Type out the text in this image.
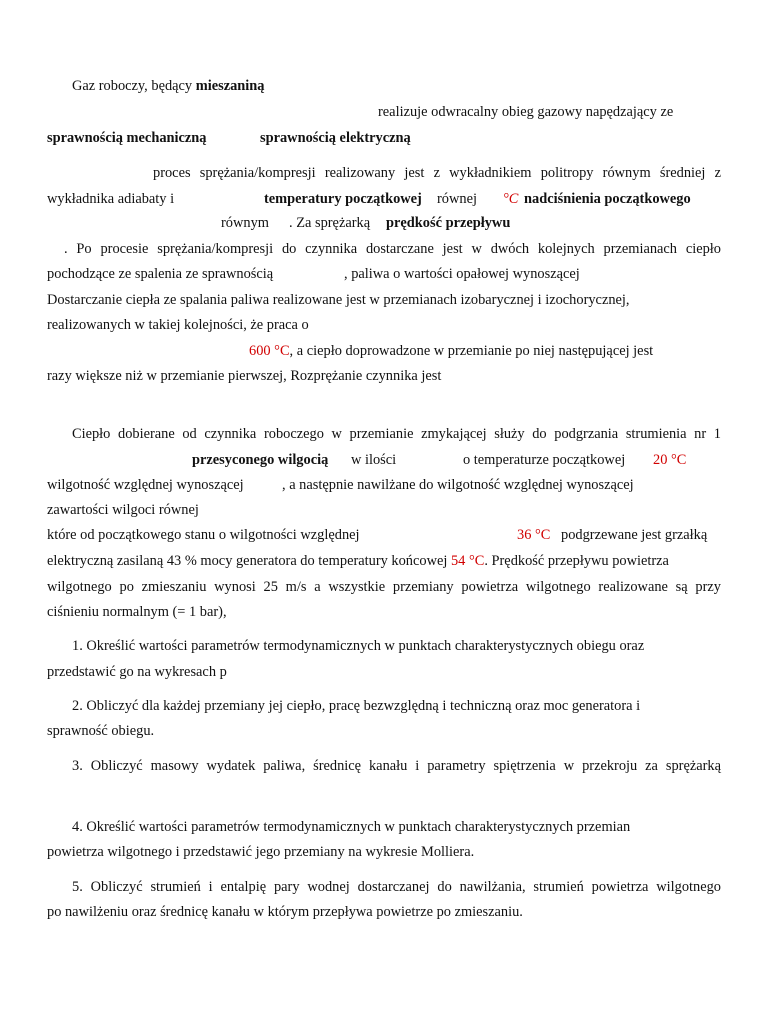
Gaz roboczy, będący mieszaniną
realizuje odwracalny obieg gazowy napędzający ze
sprawnością mechaniczną	sprawnością elektryczną
proces sprężania/kompresji realizowany jest z wykładnikiem politropy równym średniej z
wykładnika adiabaty i	temperatury początkowej równej °C nadciśnienia początkowego
równym . Za sprężarką prędkość przepływu
. Po procesie sprężania/kompresji do czynnika dostarczane jest w dwóch kolejnych przemianach ciepło
pochodzące ze spalenia ze sprawnością	, paliwa o wartości opałowej wynoszącej
Dostarczanie ciepła ze spalania paliwa realizowane jest w przemianach izobarycznej i izochorycznej,
realizowanych w takiej kolejności, że praca o
600 °C, a ciepło doprowadzone w przemianie po niej następującej jest
razy większe niż w przemianie pierwszej, Rozprężanie czynnika jest
Ciepło dobierane od czynnika roboczego w przemianie zmykającej służy do podgrzania strumienia nr 1
przesyconego wilgocią w ilości	o temperaturze początkowej 20 °C
wilgotność względnej wynoszącej	, a następnie nawilżane do wilgotność względnej wynoszącej
zawartości wilgoci równej
które od początkowego stanu o wilgotności względnej	36 °C podgrzewane jest grzałką
elektryczną zasilaną 43 % mocy generatora do temperatury końcowej 54 °C. Prędkość przepływu powietrza
wilgotnego po zmieszaniu wynosi 25 m/s a wszystkie przemiany powietrza wilgotnego realizowane są przy
ciśnieniu normalnym (= 1 bar),
1. Określić wartości parametrów termodynamicznych w punktach charakterystycznych obiegu oraz
przedstawić go na wykresach p
2. Obliczyć dla każdej przemiany jej ciepło, pracę bezwzględną i techniczną oraz moc generatora i
sprawność obiegu.
3. Obliczyć masowy wydatek paliwa, średnicę kanału i parametry spiętrzenia w przekroju za sprężarką
4. Określić wartości parametrów termodynamicznych w punktach charakterystycznych przemian
powietrza wilgotnego i przedstawić jego przemiany na wykresie Molliera.
5. Obliczyć strumień i entalpię pary wodnej dostarczanej do nawilżania, strumień powietrza wilgotnego
po nawilżeniu oraz średnicę kanału w którym przepływa powietrze po zmieszaniu.
